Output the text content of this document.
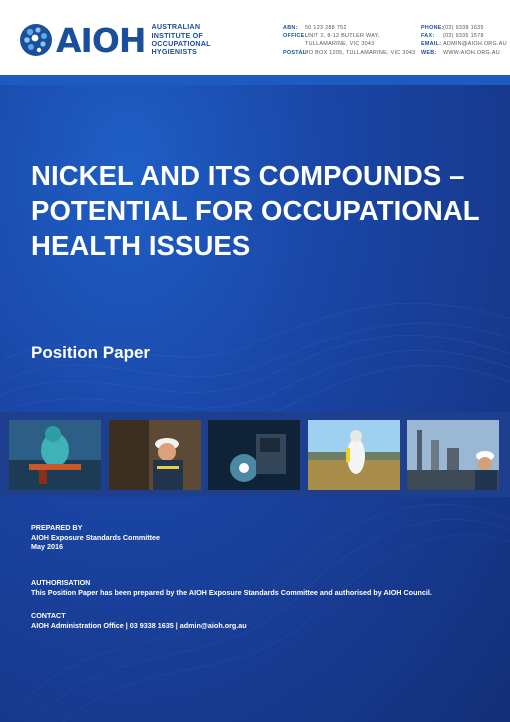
AIOH AUSTRALIAN
INSTITUTE OF
OCCUPATIONAL
HYGIENISTS
ABN:	50 123 288 752
OFFICE:
UNIT 2, 8-12 BUTLER WAY,
TULLAMARINE, VIC 3043
POSTAL:
PO BOX 1205, TULLAMARINE, VIC 3043
PHONE: (03) 9338 1635
FAX:	(03) 9335 1578
EMAIL: ADMIN@AIOH.ORG.AU
WEB:	WWW.AIOH.ORG.AU
NICKEL AND ITS COMPOUNDS –
POTENTIAL FOR OCCUPATIONAL
HEALTH ISSUES
Position Paper
PREPARED BY
AIOH Exposure Standards Committee
May 2016
AUTHORISATION
This Position Paper has been prepared by the AIOH Exposure Standards Committee and authorised by AIOH Council.
CONTACT
AIOH Administration Office | 03 9338 1635 | admin@aioh.org.au
